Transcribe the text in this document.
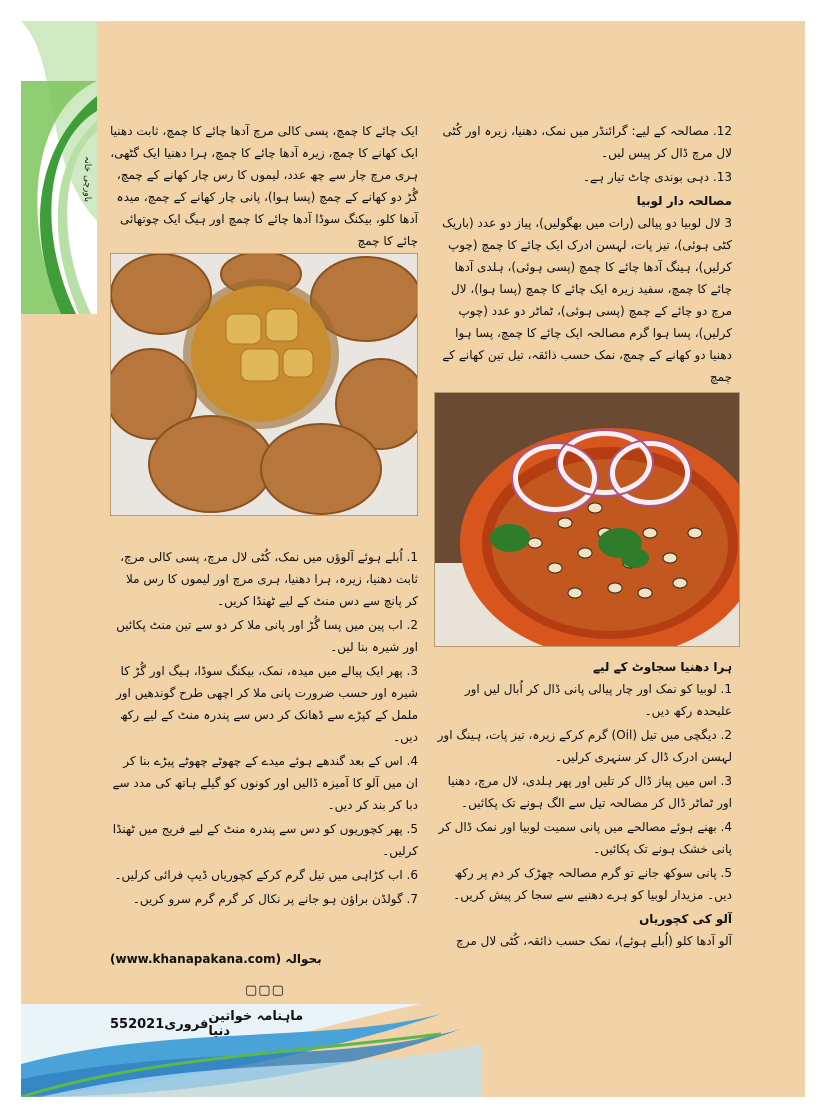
باورچی خانہ

12. مصالحہ کے لیے: گرائنڈر میں نمک، دھنیا، زیرہ اور کُٹی لال مرچ ڈال کر پیس لیں۔

13. دہی بوندی چاٹ تیار ہے۔

مصالحہ دار لوبیا

3 لال لوبیا دو پیالی (رات میں بھگولیں)، پیاز دو عدد (باریک کٹی ہوئی)، تیز پات، لہسن ادرک ایک چائے کا چمچ (چوپ کرلیں)، ہینگ آدھا چائے کا چمچ (پسی ہوئی)، ہلدی آدھا چائے کا چمچ، سفید زیرہ ایک چائے کا چمچ (پسا ہوا)، لال مرچ دو چائے کے چمچ (پسی ہوئی)، ٹماٹر دو عدد (چوپ کرلیں)، پسا ہوا گرم مصالحہ ایک چائے کا چمچ، پسا ہوا دھنیا دو کھانے کے چمچ، نمک حسب ذائقہ، تیل تین کھانے کے چمچ

ہرا دھنیا سجاوٹ کے لیے

1. لوبیا کو نمک اور چار پیالی پانی ڈال کر اُبال لیں اور علیحدہ رکھ دیں۔

2. دیگچی میں تیل (Oil) گرم کرکے زیرہ، تیز پات، ہینگ اور لہسن ادرک ڈال کر سنہری کرلیں۔

3. اس میں پیاز ڈال کر تلیں اور پھر ہلدی، لال مرچ، دھنیا اور ٹماٹر ڈال کر مصالحہ تیل سے الگ ہونے تک پکائیں۔

4. بھنے ہوئے مصالحے میں پانی سمیت لوبیا اور نمک ڈال کر پانی خشک ہونے تک پکائیں۔

5. پانی سوکھ جانے تو گرم مصالحہ چھڑک کر دم پر رکھ دیں۔ مزیدار لوبیا کو ہرے دھنیے سے سجا کر پیش کریں۔

آلو کی کچوریاں

آلو آدھا کلو (اُبلے ہوئے)، نمک حسب ذائقہ، کُٹی لال مرچ

ایک چائے کا چمچ، پسی کالی مرچ آدھا چائے کا چمچ، ثابت دھنیا ایک کھانے کا چمچ، زیرہ آدھا چائے کا چمچ، ہرا دھنیا ایک گٹھی، ہری مرچ چار سے چھ عدد، لیموں کا رس چار کھانے کے چمچ، گُڑ دو کھانے کے چمچ (پسا ہوا)، پانی چار کھانے کے چمچ، میدہ آدھا کلو، بیکنگ سوڈا آدھا چائے کا چمچ اور ہیگ ایک چوتھائی چائے کا چمچ

1. اُبلے ہوئے آلوؤں میں نمک، کُٹی لال مرچ، پسی کالی مرچ، ثابت دھنیا، زیرہ، ہرا دھنیا، ہری مرچ اور لیموں کا رس ملا کر پانچ سے دس منٹ کے لیے ٹھنڈا کریں۔

2. اب پین میں پسا گُڑ اور پانی ملا کر دو سے تین منٹ پکائیں اور شیرہ بنا لیں۔

3. پھر ایک پیالے میں میدہ، نمک، بیکنگ سوڈا، ہیگ اور گُڑ کا شیرہ اور حسب ضرورت پانی ملا کر اچھی طرح گوندھیں اور ململ کے کپڑے سے ڈھانک کر دس سے پندرہ منٹ کے لیے رکھ دیں۔

4. اس کے بعد گندھے ہوئے میدے کے چھوٹے چھوٹے پیڑے بنا کر ان میں آلو کا آمیزہ ڈالیں اور کونوں کو گیلے ہاتھ کی مدد سے دبا کر بند کر دیں۔

5. پھر کچوریوں کو دس سے پندرہ منٹ کے لیے فریج میں ٹھنڈا کرلیں۔

6. اب کڑاہی میں تیل گرم کرکے کچوریاں ڈیپ فرائی کرلیں۔

7. گولڈن براؤن ہو جانے پر نکال کر گرم گرم سرو کریں۔

(www.khanapakana.com) بحوالہ
▢▢▢
55 2021 فروری ماہنامہ خواتین دنیا
